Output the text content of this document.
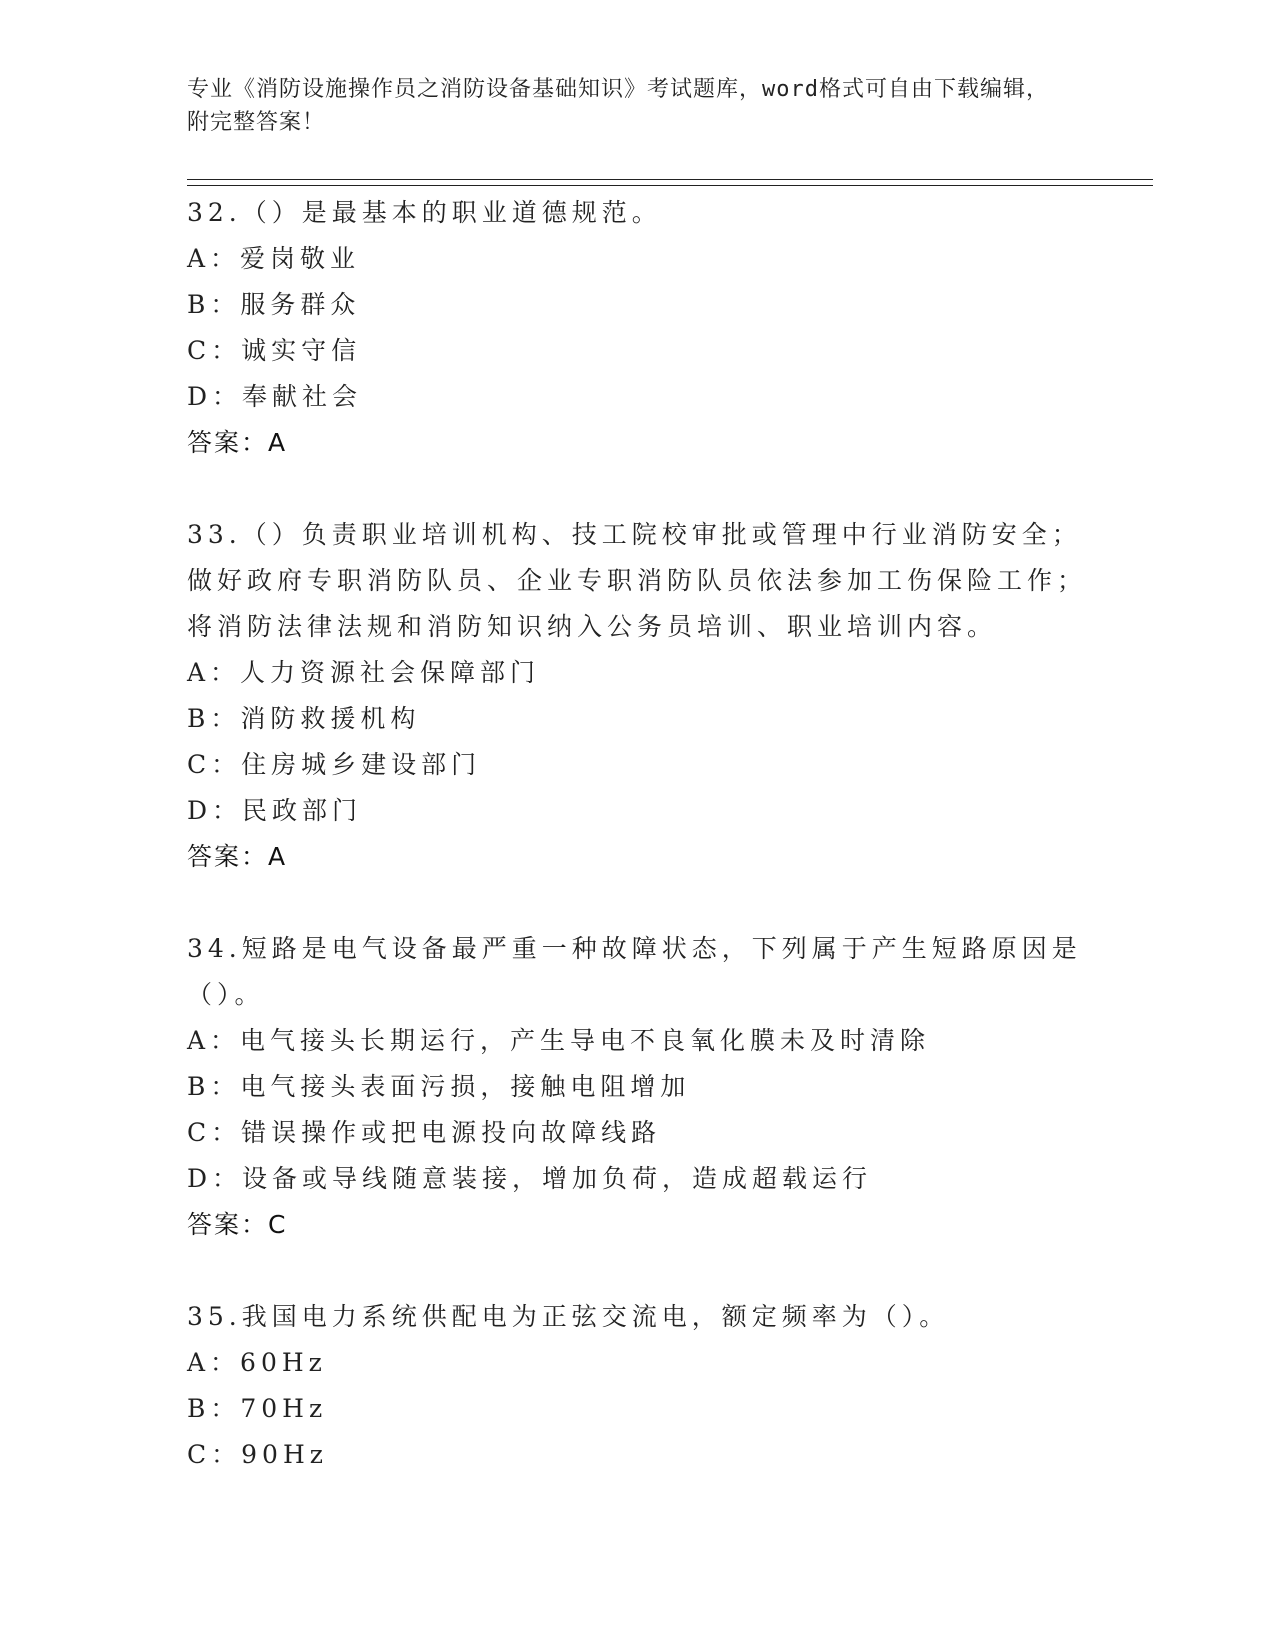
专业《消防设施操作员之消防设备基础知识》考试题库，word格式可自由下载编辑，附完整答案！
32.（）是最基本的职业道德规范。
A：爱岗敬业
B：服务群众
C：诚实守信
D：奉献社会
答案：A
33.（）负责职业培训机构、技工院校审批或管理中行业消防安全；做好政府专职消防队员、企业专职消防队员依法参加工伤保险工作；将消防法律法规和消防知识纳入公务员培训、职业培训内容。
A：人力资源社会保障部门
B：消防救援机构
C：住房城乡建设部门
D：民政部门
答案：A
34.短路是电气设备最严重一种故障状态，下列属于产生短路原因是（）。
A：电气接头长期运行，产生导电不良氧化膜未及时清除
B：电气接头表面污损，接触电阻增加
C：错误操作或把电源投向故障线路
D：设备或导线随意装接，增加负荷，造成超载运行
答案：C
35.我国电力系统供配电为正弦交流电，额定频率为（）。
A：60Hz
B：70Hz
C：90Hz
